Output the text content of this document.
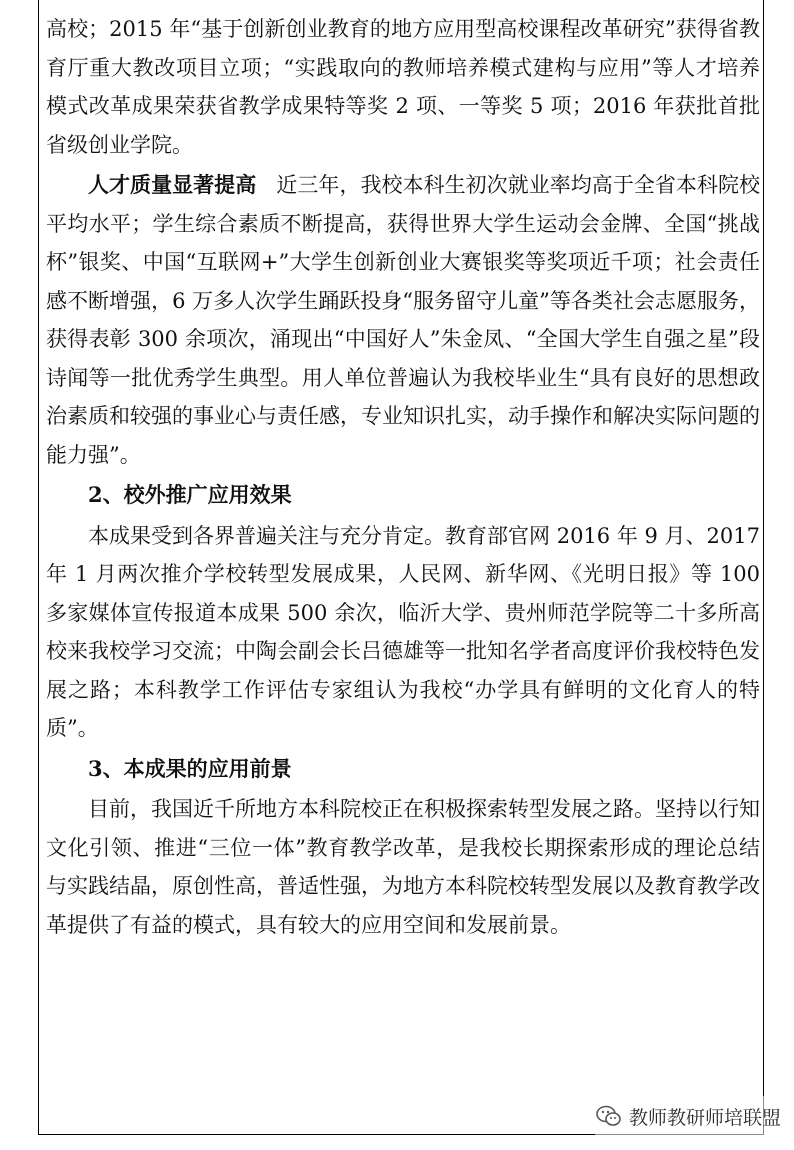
高校；2015 年“基于创新创业教育的地方应用型高校课程改革研究”获得省教育厅重大教改项目立项；“实践取向的教师培养模式建构与应用”等人才培养模式改革成果荣获省教学成果特等奖 2 项、一等奖 5 项；2016 年获批首批省级创业学院。

人才质量显著提高 近三年，我校本科生初次就业率均高于全省本科院校平均水平；学生综合素质不断提高，获得世界大学生运动会金牌、全国“挑战杯”银奖、中国“互联网+”大学生创新创业大赛银奖等奖项近千项；社会责任感不断增强，6 万多人次学生踊跃投身“服务留守儿童”等各类社会志愿服务，获得表彰 300 余项次，涌现出“中国好人”朱金凤、“全国大学生自强之星”段诗闻等一批优秀学生典型。用人单位普遍认为我校毕业生“具有良好的思想政治素质和较强的事业心与责任感，专业知识扎实，动手操作和解决实际问题的能力强”。

2、校外推广应用效果

本成果受到各界普遍关注与充分肯定。教育部官网 2016 年 9 月、2017 年 1 月两次推介学校转型发展成果，人民网、新华网、《光明日报》等 100 多家媒体宣传报道本成果 500 余次，临沂大学、贵州师范学院等二十多所高校来我校学习交流；中陶会副会长吕德雄等一批知名学者高度评价我校特色发展之路；本科教学工作评估专家组认为我校“办学具有鲜明的文化育人的特质”。

3、本成果的应用前景

目前，我国近千所地方本科院校正在积极探索转型发展之路。坚持以行知文化引领、推进“三位一体”教育教学改革，是我校长期探索形成的理论总结与实践结晶，原创性高，普适性强，为地方本科院校转型发展以及教育教学改革提供了有益的模式，具有较大的应用空间和发展前景。

教师教研师培联盟
